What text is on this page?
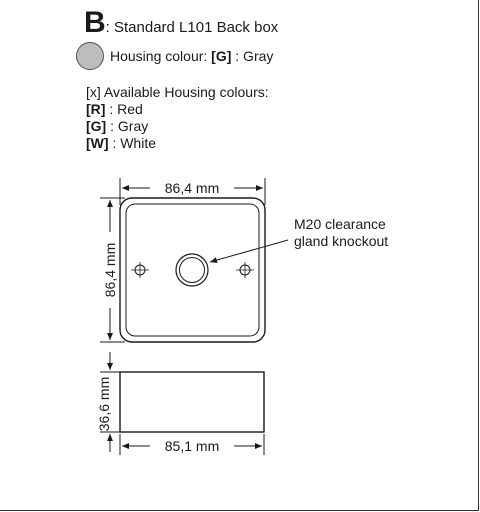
B : Standard L101 Back box
Housing colour: [G] : Gray
[x] Available Housing colours:
[R] : Red
[G] : Gray
[W] : White
86,4 mm
86,4 mm
M20 clearance
gland knockout
36,6 mm
85,1 mm
